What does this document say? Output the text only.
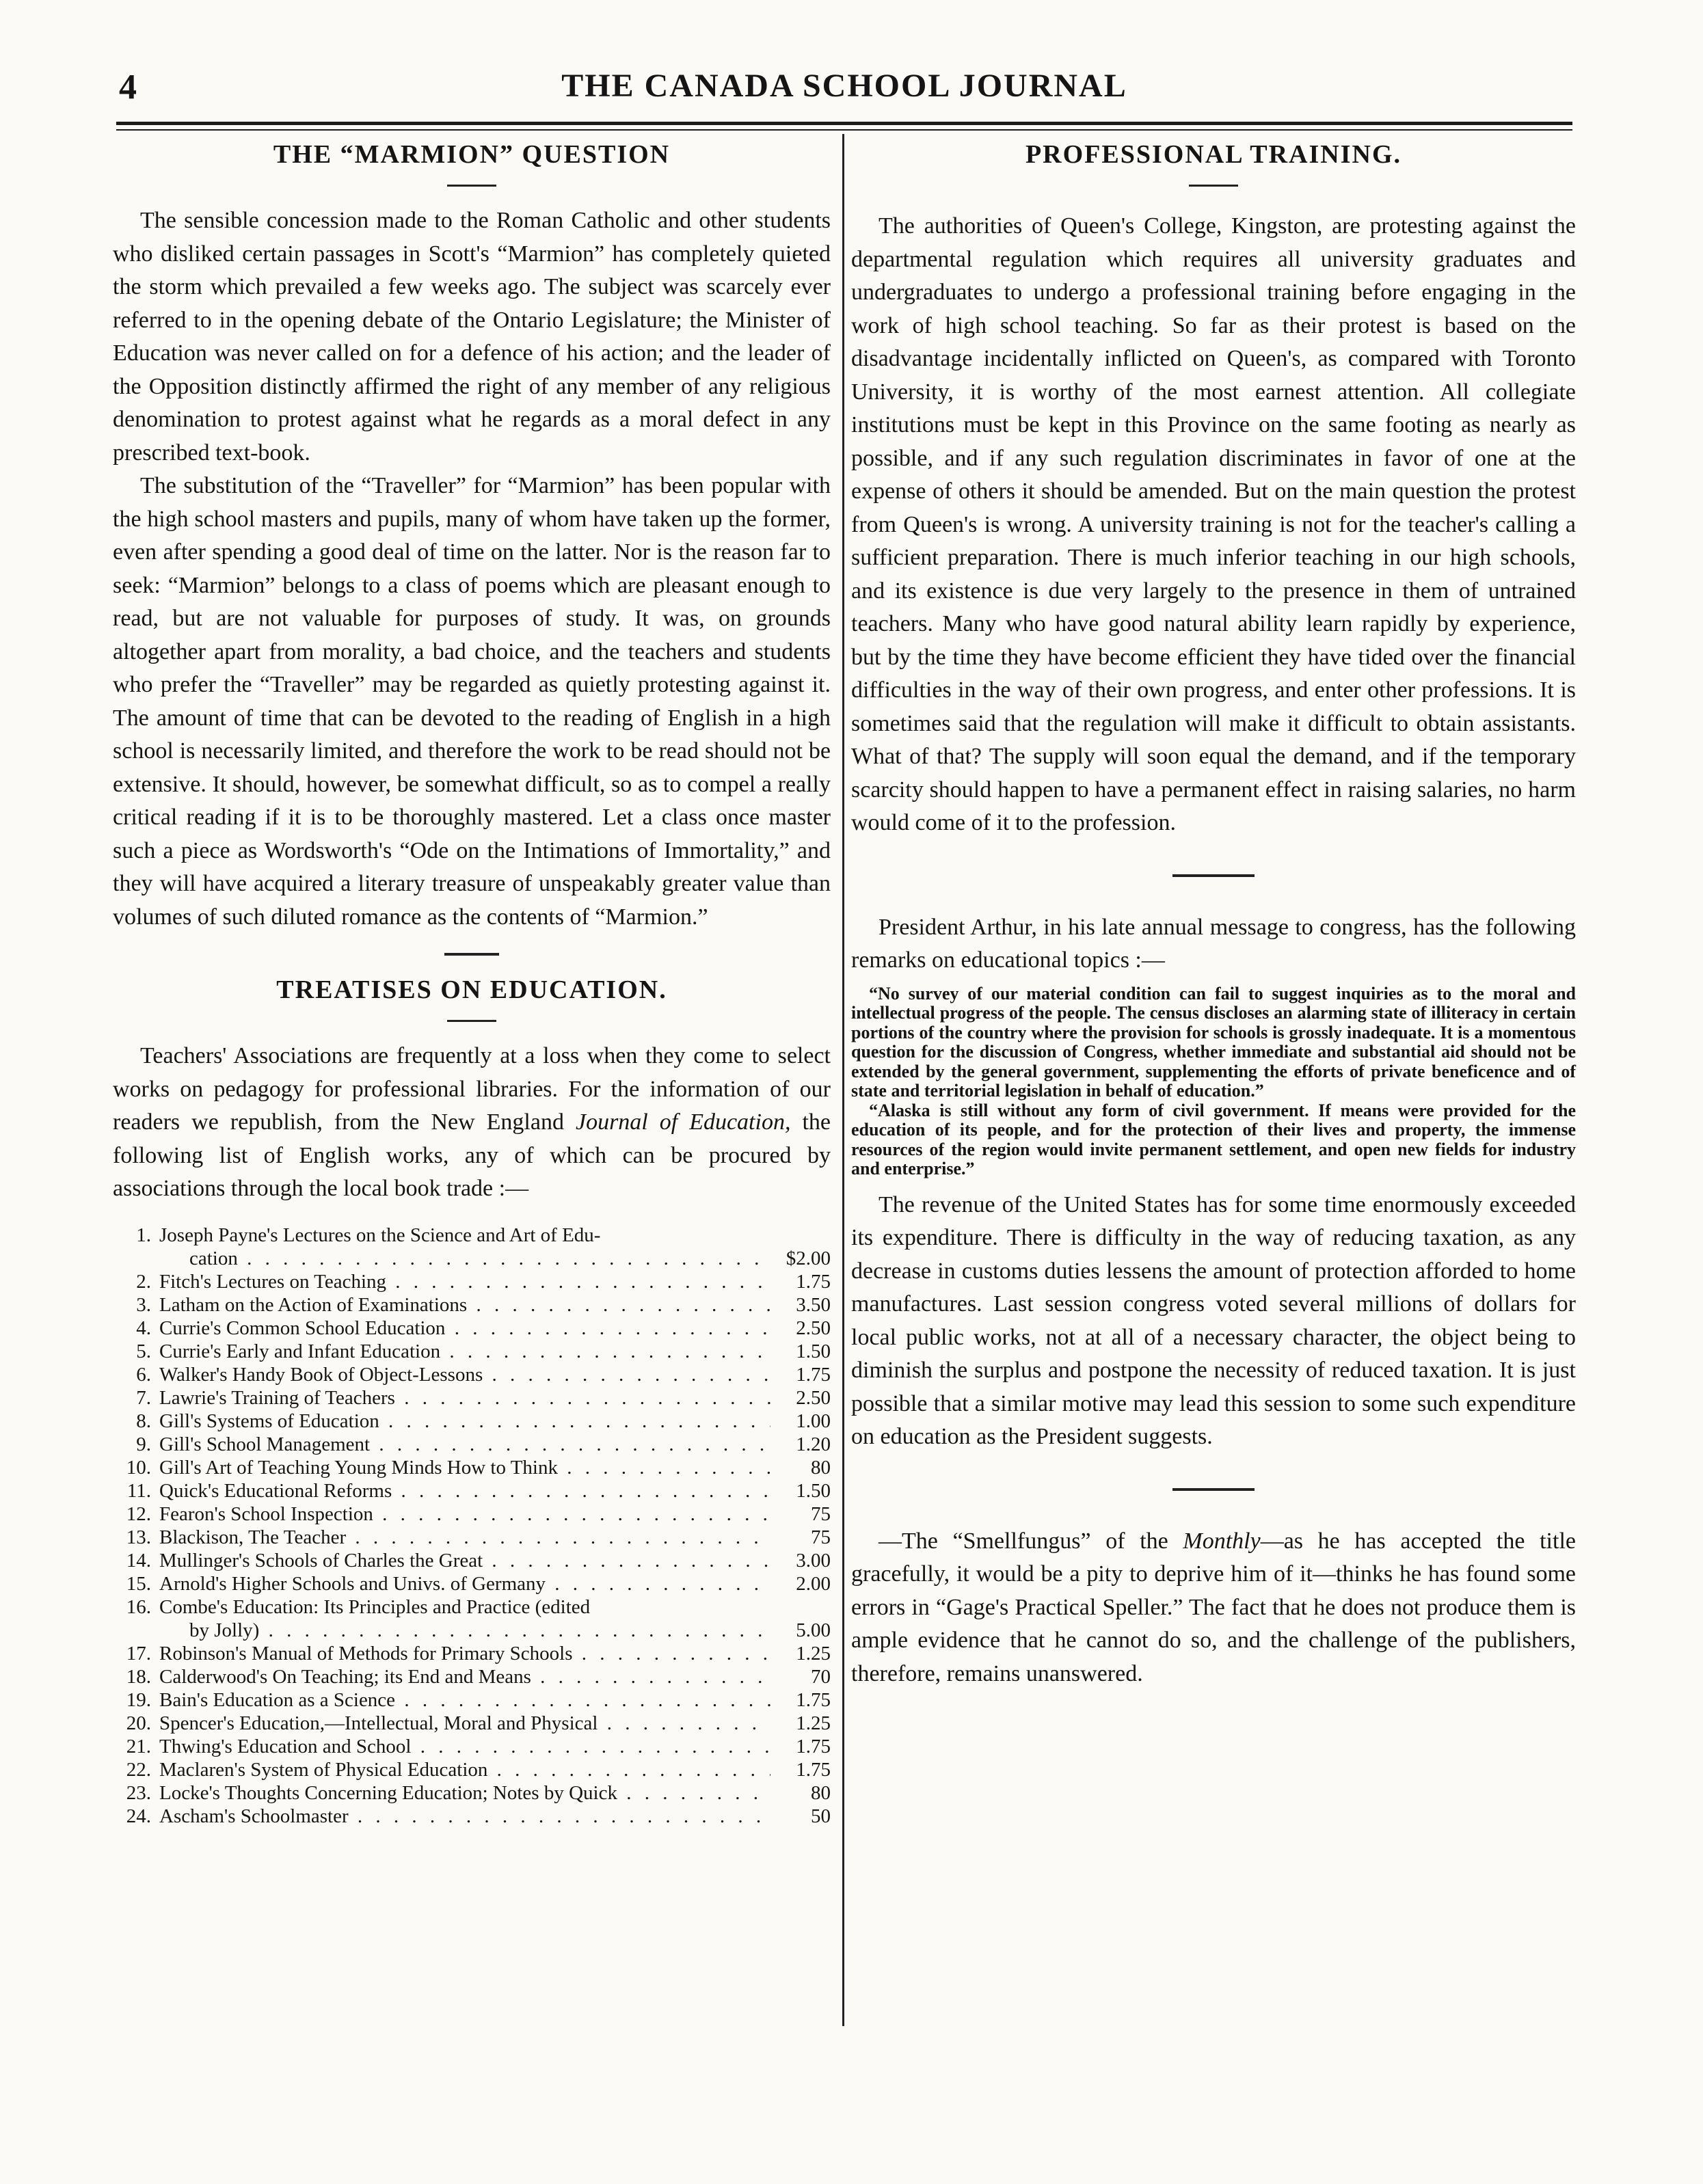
4	THE CANADA SCHOOL JOURNAL
THE “MARMION” QUESTION

The sensible concession made to the Roman Catholic and other students who disliked certain passages in Scott's “Marmion” has completely quieted the storm which prevailed a few weeks ago. The subject was scarcely ever referred to in the opening debate of the Ontario Legislature; the Minister of Education was never called on for a defence of his action; and the leader of the Opposition distinctly affirmed the right of any member of any religious denomination to protest against what he regards as a moral defect in any prescribed text-book.

The substitution of the “Traveller” for “Marmion” has been popular with the high school masters and pupils, many of whom have taken up the former, even after spending a good deal of time on the latter. Nor is the reason far to seek: “Marmion” belongs to a class of poems which are pleasant enough to read, but are not valuable for purposes of study. It was, on grounds altogether apart from morality, a bad choice, and the teachers and students who prefer the “Traveller” may be regarded as quietly protesting against it. The amount of time that can be devoted to the reading of English in a high school is necessarily limited, and therefore the work to be read should not be extensive. It should, however, be somewhat difficult, so as to compel a really critical reading if it is to be thoroughly mastered. Let a class once master such a piece as Wordsworth's “Ode on the Intimations of Immortality,” and they will have acquired a literary treasure of unspeakably greater value than volumes of such diluted romance as the contents of “Marmion.”

TREATISES ON EDUCATION.

Teachers' Associations are frequently at a loss when they come to select works on pedagogy for professional libraries. For the information of our readers we republish, from the New England Journal of Education, the following list of English works, any of which can be procured by associations through the local book trade :—

1. Joseph Payne's Lectures on the Science and Art of Edu-
cation . . .	$2.00
2. Fitch's Lectures on Teaching . . .	1.75
3. Latham on the Action of Examinations . . .	3.50
4. Currie's Common School Education . . .	2.50
5. Currie's Early and Infant Education . . .	1.50
6. Walker's Handy Book of Object-Lessons . . .	1.75
7. Lawrie's Training of Teachers . . .	2.50
8. Gill's Systems of Education . . .	1.00
9. Gill's School Management . . .	1.20
10. Gill's Art of Teaching Young Minds How to Think . . .	80
11. Quick's Educational Reforms . . .	1.50
12. Fearon's School Inspection . . .	75
13. Blackison, The Teacher . . .	75
14. Mullinger's Schools of Charles the Great . . .	3.00
15. Arnold's Higher Schools and Univs. of Germany . . .	2.00
16. Combe's Education: Its Principles and Practice (edited
by Jolly) . . .	5.00
17. Robinson's Manual of Methods for Primary Schools . . .	1.25
18. Calderwood's On Teaching; its End and Means . . .	70
19. Bain's Education as a Science . . .	1.75
20. Spencer's Education,—Intellectual, Moral and Physical . . .	1.25
21. Thwing's Education and School . . .	1.75
22. Maclaren's System of Physical Education . . .	1.75
23. Locke's Thoughts Concerning Education; Notes by Quick . . .	80
24. Ascham's Schoolmaster . . .	50
PROFESSIONAL TRAINING.

The authorities of Queen's College, Kingston, are protesting against the departmental regulation which requires all university graduates and undergraduates to undergo a professional training before engaging in the work of high school teaching. So far as their protest is based on the disadvantage incidentally inflicted on Queen's, as compared with Toronto University, it is worthy of the most earnest attention. All collegiate institutions must be kept in this Province on the same footing as nearly as possible, and if any such regulation discriminates in favor of one at the expense of others it should be amended. But on the main question the protest from Queen's is wrong. A university training is not for the teacher's calling a sufficient preparation. There is much inferior teaching in our high schools, and its existence is due very largely to the presence in them of untrained teachers. Many who have good natural ability learn rapidly by experience, but by the time they have become efficient they have tided over the financial difficulties in the way of their own progress, and enter other professions. It is sometimes said that the regulation will make it difficult to obtain assistants. What of that? The supply will soon equal the demand, and if the temporary scarcity should happen to have a permanent effect in raising salaries, no harm would come of it to the profession.

President Arthur, in his late annual message to congress, has the following remarks on educational topics :—

“No survey of our material condition can fail to suggest inquiries as to the moral and intellectual progress of the people. The census discloses an alarming state of illiteracy in certain portions of the country where the provision for schools is grossly inadequate. It is a momentous question for the discussion of Congress, whether immediate and substantial aid should not be extended by the general government, supplementing the efforts of private beneficence and of state and territorial legislation in behalf of education.”

“Alaska is still without any form of civil government. If means were provided for the education of its people, and for the protection of their lives and property, the immense resources of the region would invite permanent settlement, and open new fields for industry and enterprise.”

The revenue of the United States has for some time enormously exceeded its expenditure. There is difficulty in the way of reducing taxation, as any decrease in customs duties lessens the amount of protection afforded to home manufactures. Last session congress voted several millions of dollars for local public works, not at all of a necessary character, the object being to diminish the surplus and postpone the necessity of reduced taxation. It is just possible that a similar motive may lead this session to some such expenditure on education as the President suggests.

—The “Smellfungus” of the Monthly—as he has accepted the title gracefully, it would be a pity to deprive him of it—thinks he has found some errors in “Gage's Practical Speller.” The fact that he does not produce them is ample evidence that he cannot do so, and the challenge of the publishers, therefore, remains unanswered.
